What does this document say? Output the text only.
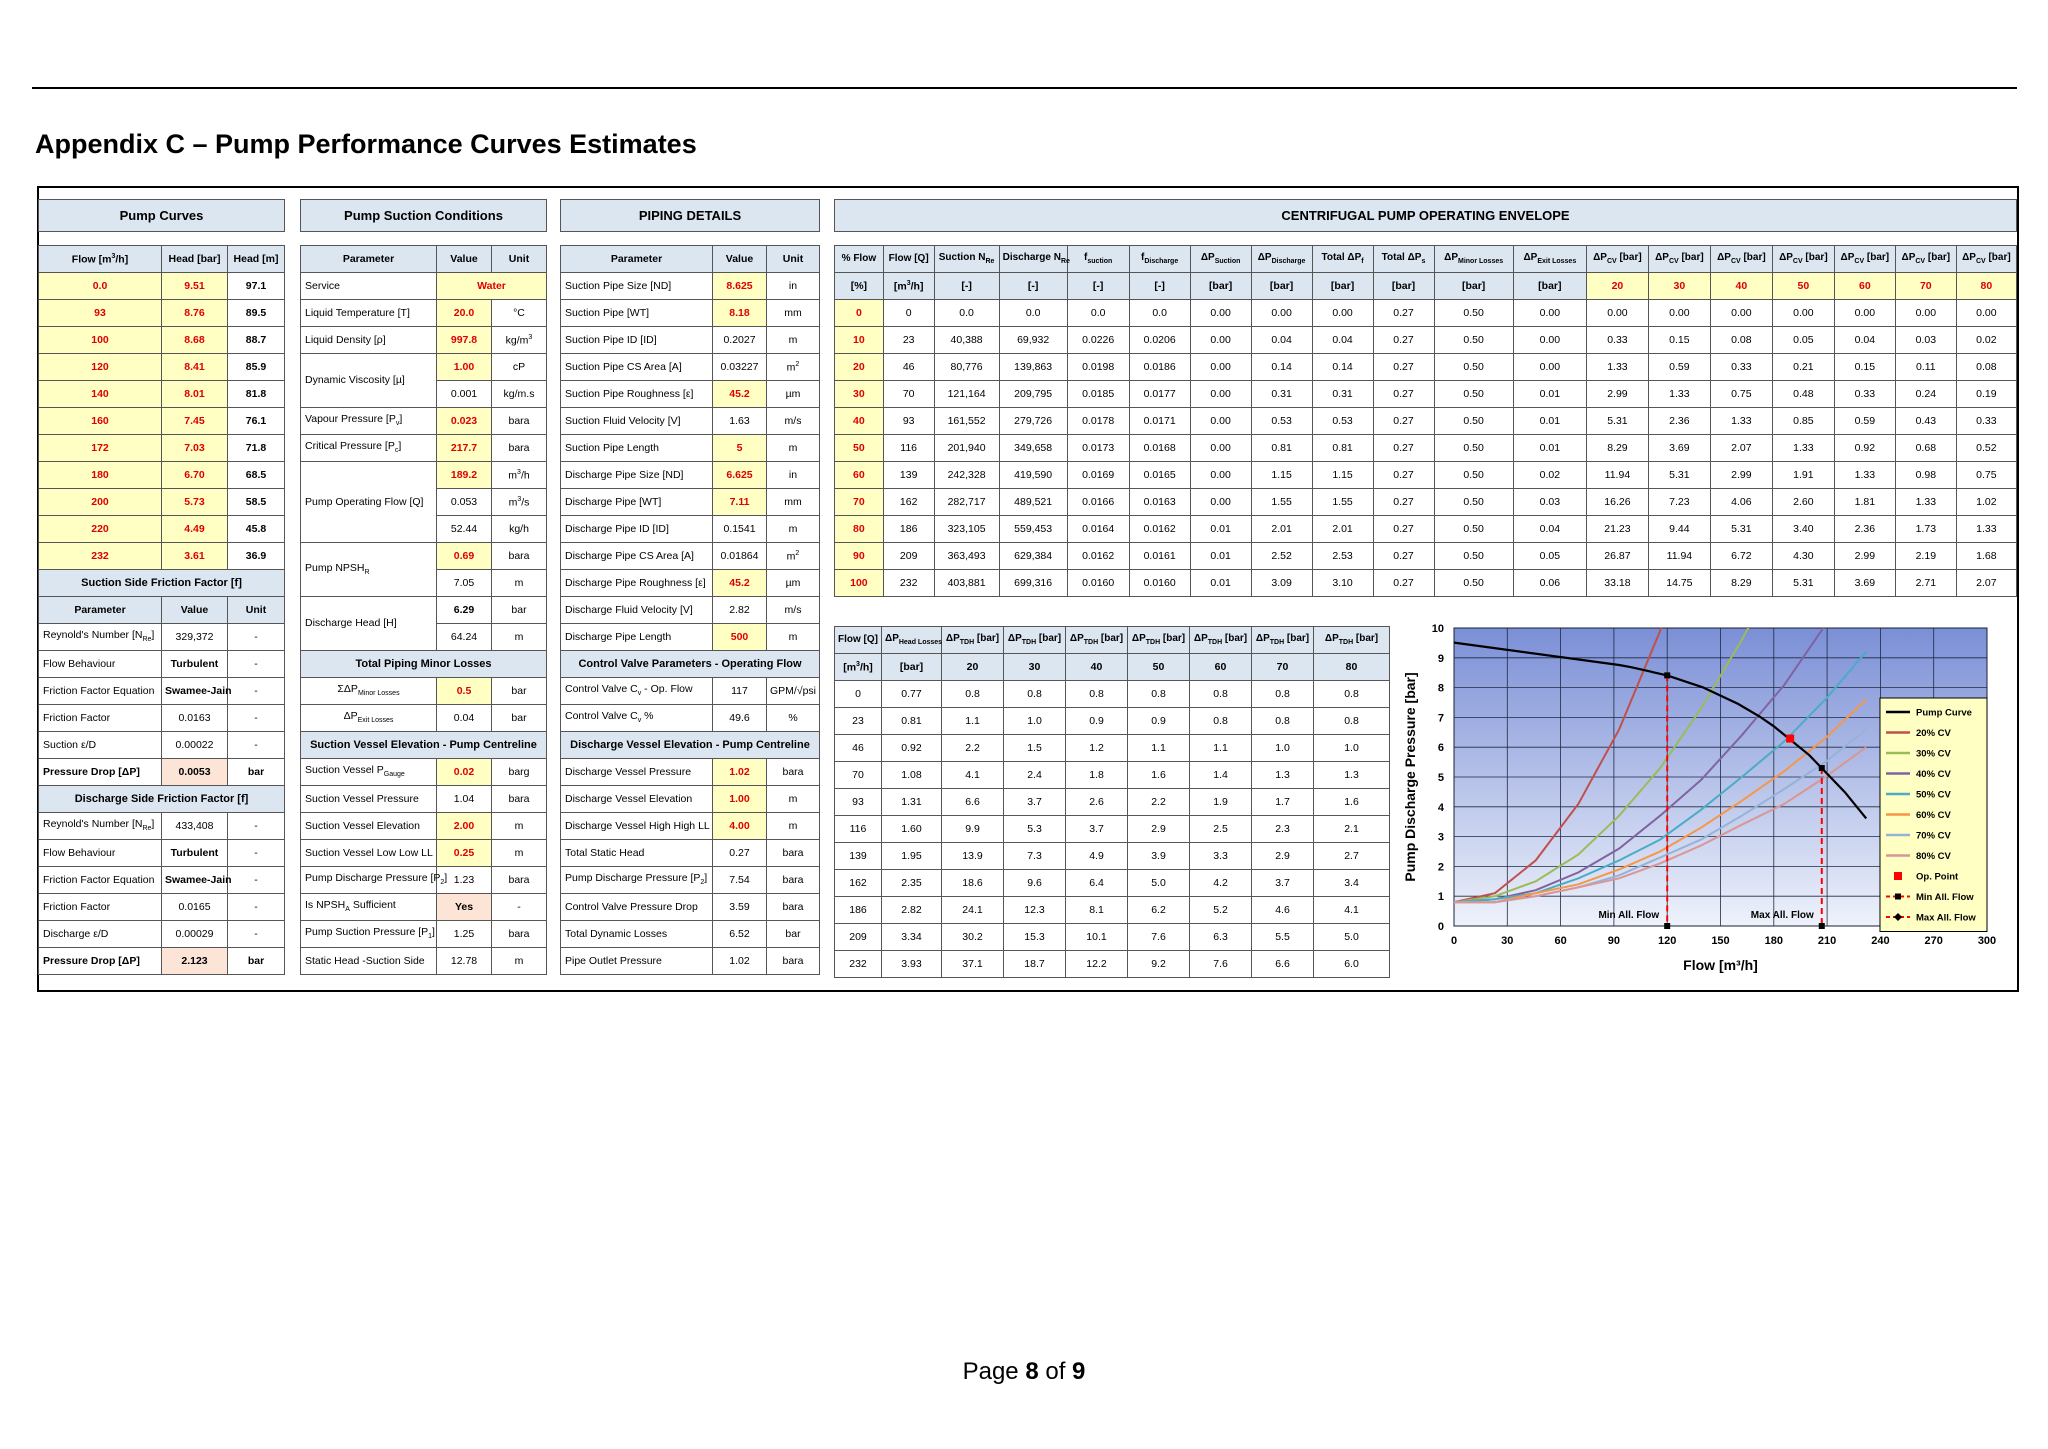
Appendix C – Pump Performance Curves Estimates
Pump Curves		

Flow $[m^3/h]$	Head [bar]	Head [m]
0.0	9.51	97.1
93	8.76	89.5
100	8.68	88.7
120	8.41	85.9
140	8.01	81.8
160	7.45	76.1
172	7.03	71.8
180	6.70	68.5
200	5.73	58.5
220	4.49	45.8
232	3.61	36.9
Suction Side Friction Factor [f]		
Parameter	Value	Unit
Reynold's Number $[N_{Re}]$	329,372	-
Flow Behaviour	Turbulent	-
Friction Factor Equation	Swamee-Jain	-
Friction Factor	0.0163	-
Suction ε/D	0.00022	-
Pressure Drop [ΔP]	0.0053	bar
Discharge Side Friction Factor [f]		
Reynold's Number $[N_{Re}]$	433,408	-
Flow Behaviour	Turbulent	-
Friction Factor Equation	Swamee-Jain	-
Friction Factor	0.0165	-
Discharge ε/D	0.00029	-
Pressure Drop [ΔP]	2.123	bar
Pump Suction Conditions		

Parameter	Value	Unit
Service	Water	
Liquid Temperature [T]	20.0	°C
Liquid Density [ρ]	997.8	$kg/m^3$
Dynamic Viscosity [µ]	1.00	cP
	0.001	kg/m.s
Vapour Pressure $[P_v]$	0.023	bara
Critical Pressure $[P_c]$	217.7	bara
Pump Operating Flow [Q]	189.2	$m^3/h$
	0.053	$m^3/s$
	52.44	kg/h
Pump $NPSH_R$	0.69	bara
	7.05	m
Discharge Head [H]	6.29	bar
	64.24	m
Total Piping Minor Losses		
$\Sigma\Delta P_{Minor Losses}$	0.5	bar
$\Delta P_{Exit Losses}$	0.04	bar
Suction Vessel Elevation - Pump Centreline		
Suction Vessel $P_{Gauge}$	0.02	barg
Suction Vessel Pressure	1.04	bara
Suction Vessel Elevation	2.00	m
Suction Vessel Low Low LL	0.25	m
Pump Discharge Pressure $[P_2]$	1.23	bara
Is $NPSH_A$ Sufficient	Yes	-
Pump Suction Pressure $[P_1]$	1.25	bara
Static Head -Suction Side	12.78	m
PIPING DETAILS		

Parameter	Value	Unit
Suction Pipe Size [ND]	8.625	in
Suction Pipe [WT]	8.18	mm
Suction Pipe ID [ID]	0.2027	m
Suction Pipe CS Area [A]	0.03227	$m^2$
Suction Pipe Roughness [ε]	45.2	µm
Suction Fluid Velocity [V]	1.63	m/s
Suction Pipe Length	5	m
Discharge Pipe Size [ND]	6.625	in
Discharge Pipe [WT]	7.11	mm
Discharge Pipe ID [ID]	0.1541	m
Discharge Pipe CS Area [A]	0.01864	$m^2$
Discharge Pipe Roughness [ε]	45.2	µm
Discharge Fluid Velocity [V]	2.82	m/s
Discharge Pipe Length	500	m
Control Valve Parameters - Operating Flow		
Control Valve $C_v$ - Op. Flow	117	GPM/√psi
Control Valve $C_v$ %	49.6	%
Discharge Vessel Elevation - Pump Centreline		
Discharge Vessel Pressure	1.02	bara
Discharge Vessel Elevation	1.00	m
Discharge Vessel High High LL	4.00	m
Total Static Head	0.27	bara
Pump Discharge Pressure $[P_2]$	7.54	bara
Control Valve Pressure Drop	3.59	bara
Total Dynamic Losses	6.52	bar
Pipe Outlet Pressure	1.02	bara
CENTRIFUGAL PUMP OPERATING ENVELOPE																		

% Flow	Flow [Q]	Suction $N_{Re}$	Discharge $N_{Re}$	$f_{suction}$	$f_{Discharge}$	$\Delta P_{Suction}$	$\Delta P_{Discharge}$	Total $\Delta P_f$	Total $\Delta P_s$	$\Delta P_{Minor Losses}$	$\Delta P_{Exit Losses}$	$\Delta P_{CV}$ [bar]	$\Delta P_{CV}$ [bar]	$\Delta P_{CV}$ [bar]	$\Delta P_{CV}$ [bar]	$\Delta P_{CV}$ [bar]	$\Delta P_{CV}$ [bar]	$\Delta P_{CV}$ [bar]
[%]	$[m^3/h]$	[-]	[-]	[-]	[-]	[bar]	[bar]	[bar]	[bar]	[bar]	[bar]	20	30	40	50	60	70	80
0	0	0.0	0.0	0.0	0.0	0.00	0.00	0.00	0.27	0.50	0.00	0.00	0.00	0.00	0.00	0.00	0.00	0.00
10	23	40,388	69,932	0.0226	0.0206	0.00	0.04	0.04	0.27	0.50	0.00	0.33	0.15	0.08	0.05	0.04	0.03	0.02
20	46	80,776	139,863	0.0198	0.0186	0.00	0.14	0.14	0.27	0.50	0.00	1.33	0.59	0.33	0.21	0.15	0.11	0.08
30	70	121,164	209,795	0.0185	0.0177	0.00	0.31	0.31	0.27	0.50	0.01	2.99	1.33	0.75	0.48	0.33	0.24	0.19
40	93	161,552	279,726	0.0178	0.0171	0.00	0.53	0.53	0.27	0.50	0.01	5.31	2.36	1.33	0.85	0.59	0.43	0.33
50	116	201,940	349,658	0.0173	0.0168	0.00	0.81	0.81	0.27	0.50	0.01	8.29	3.69	2.07	1.33	0.92	0.68	0.52
60	139	242,328	419,590	0.0169	0.0165	0.00	1.15	1.15	0.27	0.50	0.02	11.94	5.31	2.99	1.91	1.33	0.98	0.75
70	162	282,717	489,521	0.0166	0.0163	0.00	1.55	1.55	0.27	0.50	0.03	16.26	7.23	4.06	2.60	1.81	1.33	1.02
80	186	323,105	559,453	0.0164	0.0162	0.01	2.01	2.01	0.27	0.50	0.04	21.23	9.44	5.31	3.40	2.36	1.73	1.33
90	209	363,493	629,384	0.0162	0.0161	0.01	2.52	2.53	0.27	0.50	0.05	26.87	11.94	6.72	4.30	2.99	2.19	1.68
100	232	403,881	699,316	0.0160	0.0160	0.01	3.09	3.10	0.27	0.50	0.06	33.18	14.75	8.29	5.31	3.69	2.71	2.07
Flow [Q]	$\Delta P_{Head Losses}$	$\Delta P_{TDH}$ [bar]	$\Delta P_{TDH}$ [bar]	$\Delta P_{TDH}$ [bar]	$\Delta P_{TDH}$ [bar]	$\Delta P_{TDH}$ [bar]	$\Delta P_{TDH}$ [bar]	$\Delta P_{TDH}$ [bar]
$[m^3/h]$	[bar]	20	30	40	50	60	70	80
0	0.77	0.8	0.8	0.8	0.8	0.8	0.8	0.8
23	0.81	1.1	1.0	0.9	0.9	0.8	0.8	0.8
46	0.92	2.2	1.5	1.2	1.1	1.1	1.0	1.0
70	1.08	4.1	2.4	1.8	1.6	1.4	1.3	1.3
93	1.31	6.6	3.7	2.6	2.2	1.9	1.7	1.6
116	1.60	9.9	5.3	3.7	2.9	2.5	2.3	2.1
139	1.95	13.9	7.3	4.9	3.9	3.3	2.9	2.7
162	2.35	18.6	9.6	6.4	5.0	4.2	3.7	3.4
186	2.82	24.1	12.3	8.1	6.2	5.2	4.6	4.1
209	3.34	30.2	15.3	10.1	7.6	6.3	5.5	5.0
232	3.93	37.1	18.7	12.2	9.2	7.6	6.6	6.0
0	30	60	90	120	150	180	210	240	270	300
0
1
2
3
4
5
6
7
8
9
10
Min All. Flow	Max All. Flow
Flow [m³/h]
Pump Discharge Pressure [bar]	Pump Curve
20% CV
30% CV
40% CV
50% CV
60% CV
70% CV
80% CV
Op. Point
Min All. Flow
Max All. Flow
Page 8 of 9
